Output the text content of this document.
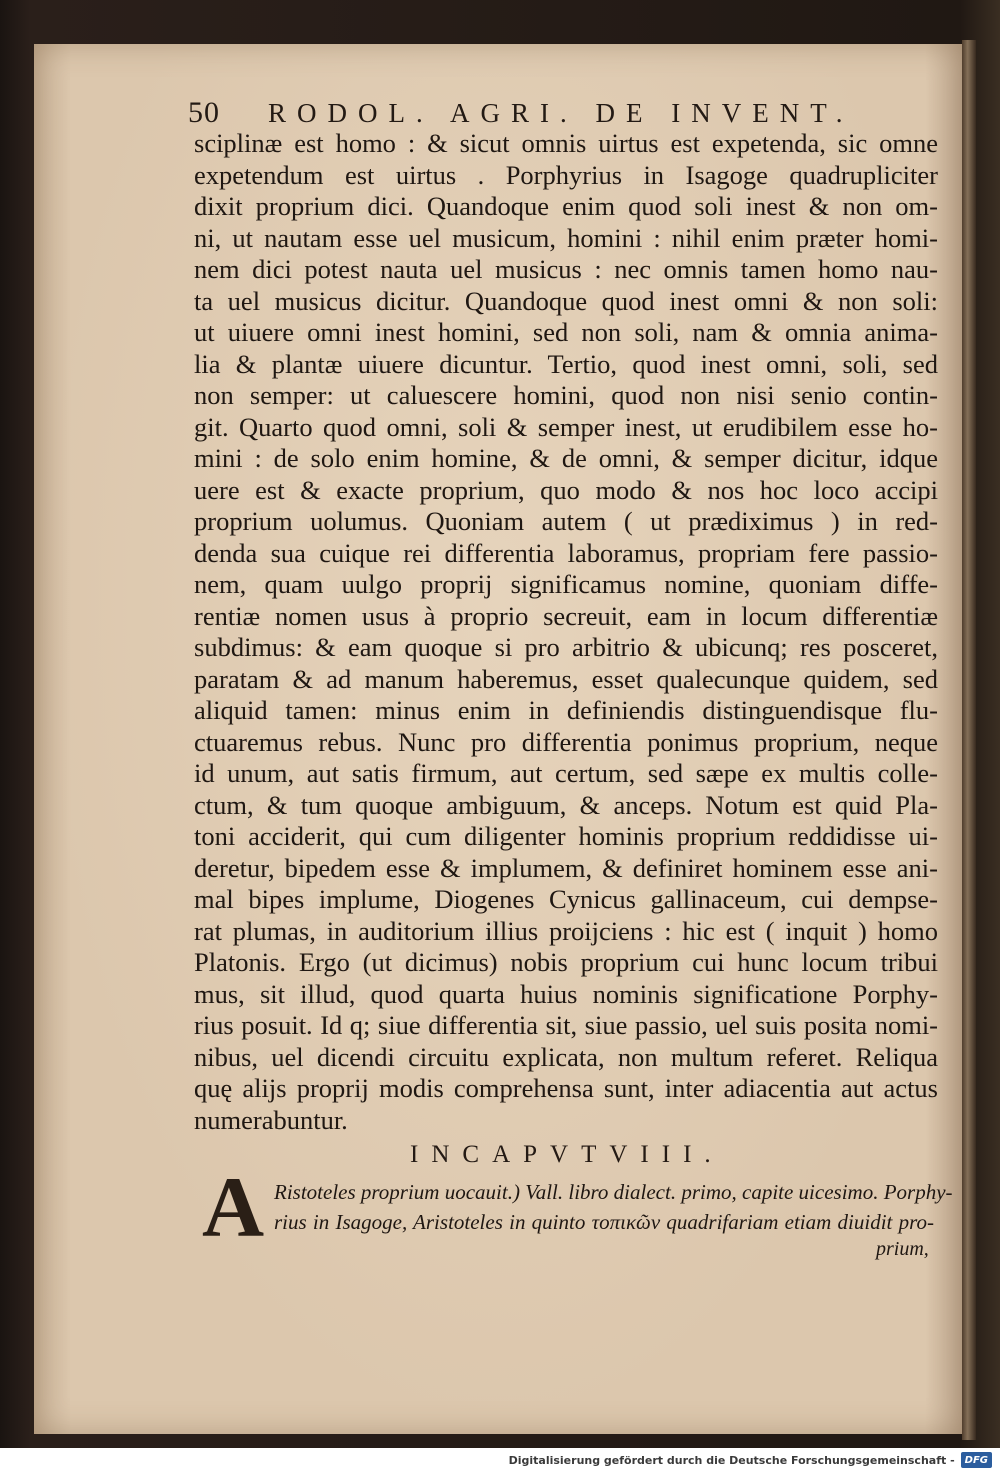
50 RODOL. AGRI. DE INVENT.
sciplinæ est homo : & sicut omnis uirtus est expetenda, sic omne
expetendum est uirtus . Porphyrius in Isagoge quadrupliciter
dixit proprium dici. Quandoque enim quod soli inest & non om-
ni, ut nautam esse uel musicum, homini : nihil enim præter homi-
nem dici potest nauta uel musicus : nec omnis tamen homo nau-
ta uel musicus dicitur. Quandoque quod inest omni & non soli:
ut uiuere omni inest homini, sed non soli, nam & omnia anima-
lia & plantæ uiuere dicuntur. Tertio, quod inest omni, soli, sed
non semper: ut caluescere homini, quod non nisi senio contin-
git. Quarto quod omni, soli & semper inest, ut erudibilem esse ho-
mini : de solo enim homine, & de omni, & semper dicitur, idque
uere est & exacte proprium, quo modo & nos hoc loco accipi
proprium uolumus. Quoniam autem ( ut prædiximus ) in red-
denda sua cuique rei differentia laboramus, propriam fere passio-
nem, quam uulgo proprij significamus nomine, quoniam diffe-
rentiæ nomen usus à proprio secreuit, eam in locum differentiæ
subdimus: & eam quoque si pro arbitrio & ubicunq; res posceret,
paratam & ad manum haberemus, esset qualecunque quidem, sed
aliquid tamen: minus enim in definiendis distinguendisque flu-
ctuaremus rebus. Nunc pro differentia ponimus proprium, neque
id unum, aut satis firmum, aut certum, sed sæpe ex multis colle-
ctum, & tum quoque ambiguum, & anceps. Notum est quid Pla-
toni acciderit, qui cum diligenter hominis proprium reddidisse ui-
deretur, bipedem esse & implumem, & definiret hominem esse ani-
mal bipes implume, Diogenes Cynicus gallinaceum, cui dempse-
rat plumas, in auditorium illius proijciens : hic est ( inquit ) homo
Platonis. Ergo (ut dicimus) nobis proprium cui hunc locum tribui
mus, sit illud, quod quarta huius nominis significatione Porphy-
rius posuit. Id q; siue differentia sit, siue passio, uel suis posita nomi-
nibus, uel dicendi circuitu explicata, non multum referet. Reliqua
quę alijs proprij modis comprehensa sunt, inter adiacentia aut actus
numerabuntur.
IN CAPVT VIII.
A Ristoteles proprium uocauit.) Vall. libro dialect. primo, capite uicesimo. Porphy-
rius in Isagoge, Aristoteles in quinto τοπικῶν quadrifariam etiam diuidit pro-
prium,
Digitalisierung gefördert durch die Deutsche Forschungsgemeinschaft -	DFG
